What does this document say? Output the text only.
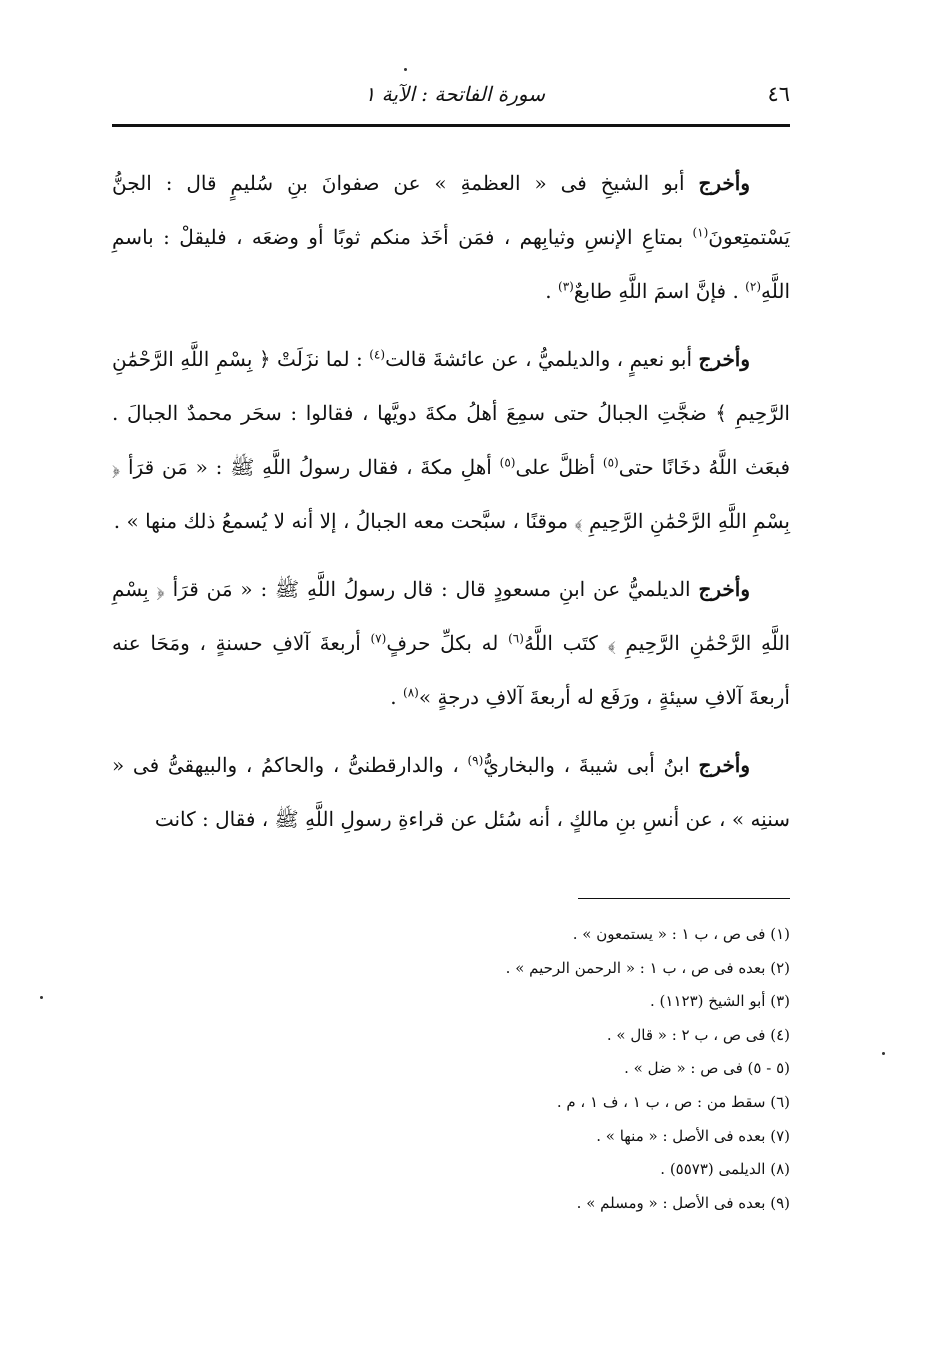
٤٦
سورة الفاتحة : الآية ١

وأخرج أبو الشيخِ فى « العظمةِ » عن صفوانَ بنِ سُليمٍ قال : الجنُّ يَسْتمتِعونَ$^{(١)}$ بمتاعِ الإنسِ وثيابِهم ، فمَن أخَذ منكم ثوبًا أو وضعَه ، فليقلْ : باسمِ اللَّهِ$^{(٢)}$ . فإنَّ اسمَ اللَّهِ طابعٌ$^{(٣)}$ .

وأخرج أبو نعيمٍ ، والديلميُّ ، عن عائشةَ قالت$^{(٤)}$ : لما نزَلَتْ ﴿ بِسْمِ اللَّهِ الرَّحْمَٰنِ الرَّحِيمِ ﴾ ضجَّتِ الجبالُ حتى سمِعَ أهلُ مكةَ دويَّها ، فقالوا : سحَر محمدٌ الجبالَ . فبعَث اللَّهُ دخَانًا حتى$^{(٥)}$ أظلَّ على$^{(٥)}$ أهلِ مكةَ ، فقال رسولُ اللَّهِ ﷺ : « مَن قرَأ ﴿ بِسْمِ اللَّهِ الرَّحْمَٰنِ الرَّحِيمِ ﴾ موقنًا ، سبَّحت معه الجبالُ ، إلا أنه لا يُسمعُ ذلك منها » .

وأخرج الديلميُّ عن ابنِ مسعودٍ قال : قال رسولُ اللَّهِ ﷺ : « مَن قرَأ ﴿ بِسْمِ اللَّهِ الرَّحْمَٰنِ الرَّحِيمِ ﴾ كتَب اللَّهُ$^{(٦)}$ له بكلِّ حرفٍ$^{(٧)}$ أربعةَ آلافِ حسنةٍ ، ومَحَا عنه أربعةَ آلافِ سيئةٍ ، ورَفَع له أربعةَ آلافِ درجةٍ »$^{(٨)}$ .

وأخرج ابنُ أبى شيبةَ ، والبخاريُّ$^{(٩)}$ ، والدارقطنىُّ ، والحاكمُ ، والبيهقىُّ فى « سننِه » ، عن أنسِ بنِ مالكٍ ، أنه سُئل عن قراءةِ رسولِ اللَّهِ ﷺ ، فقال : كانت

(١) فى ص ، ب ١ : « يستمعون » .

(٢) بعده فى ص ، ب ١ : « الرحمن الرحيم » .

(٣) أبو الشيخ (١١٢٣) .

(٤) فى ص ، ب ٢ : « قال » .

(٥ - ٥) فى ص : « ضل » .

(٦) سقط من : ص ، ب ١ ، ف ١ ، م .

(٧) بعده فى الأصل : « منها » .

(٨) الديلمى (٥٥٧٣) .

(٩) بعده فى الأصل : « ومسلم » .
